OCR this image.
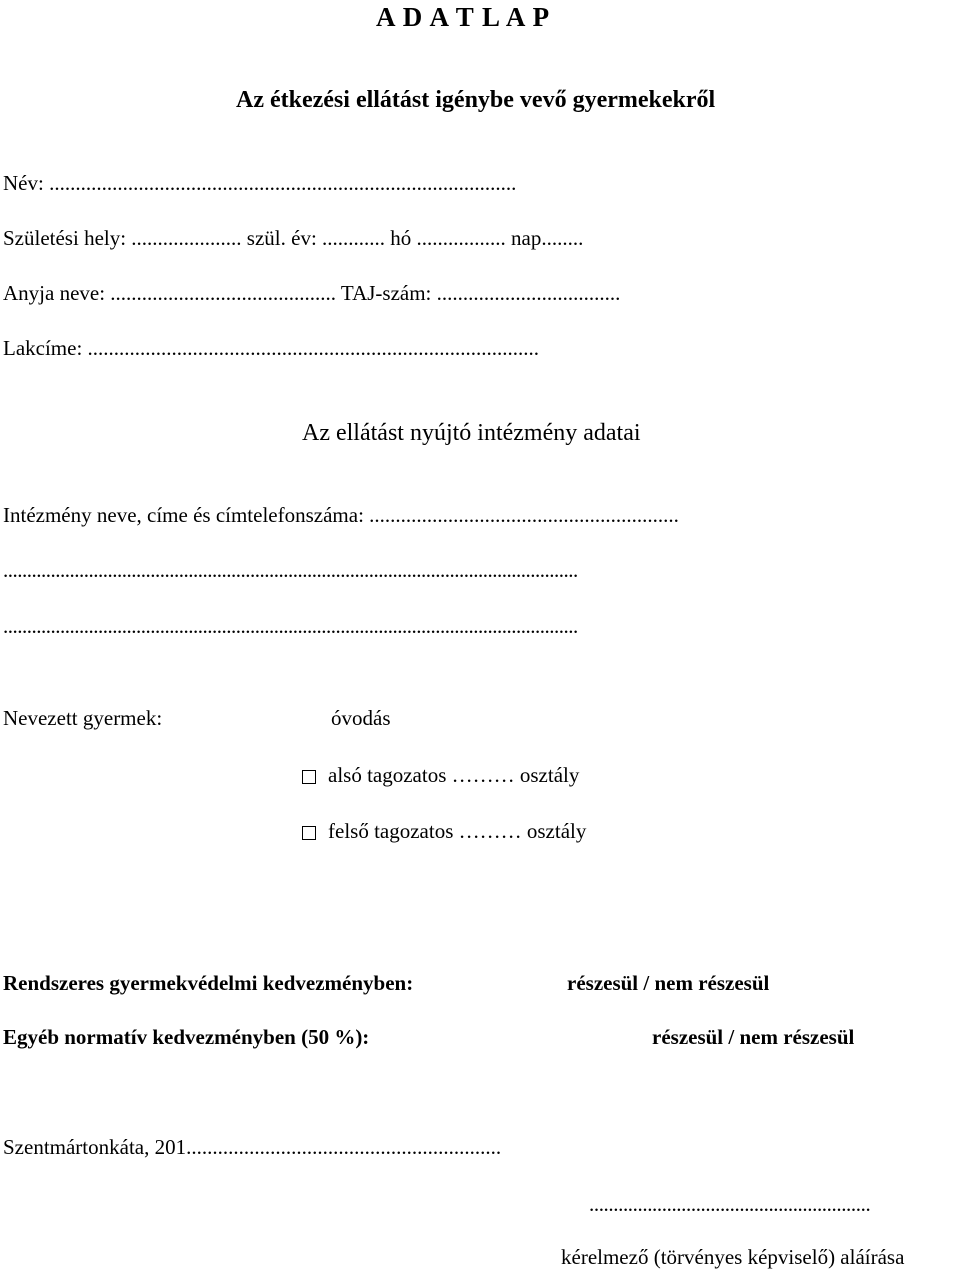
A D A T L A P
Az étkezési ellátást igénybe vevő gyermekekről
Név: .........................................................................................
Születési hely: ..................... szül. év: ............ hó ................. nap........
Anyja neve: ........................................... TAJ-szám: ...................................
Lakcíme: ......................................................................................
Az ellátást nyújtó intézmény adatai
Intézmény neve, címe és címtelefonszáma: ...........................................................
.........................................................................................................................
.........................................................................................................................
Nevezett gyermek:	óvodás
alsó tagozatos ……… osztály
felső tagozatos ……… osztály
Rendszeres gyermekvédelmi kedvezményben:	részesül / nem részesül
Egyéb normatív kedvezményben (50 %):	részesül / nem részesül
Szentmártonkáta, 201............................................................
..........................................................
kérelmező (törvényes képviselő) aláírása
